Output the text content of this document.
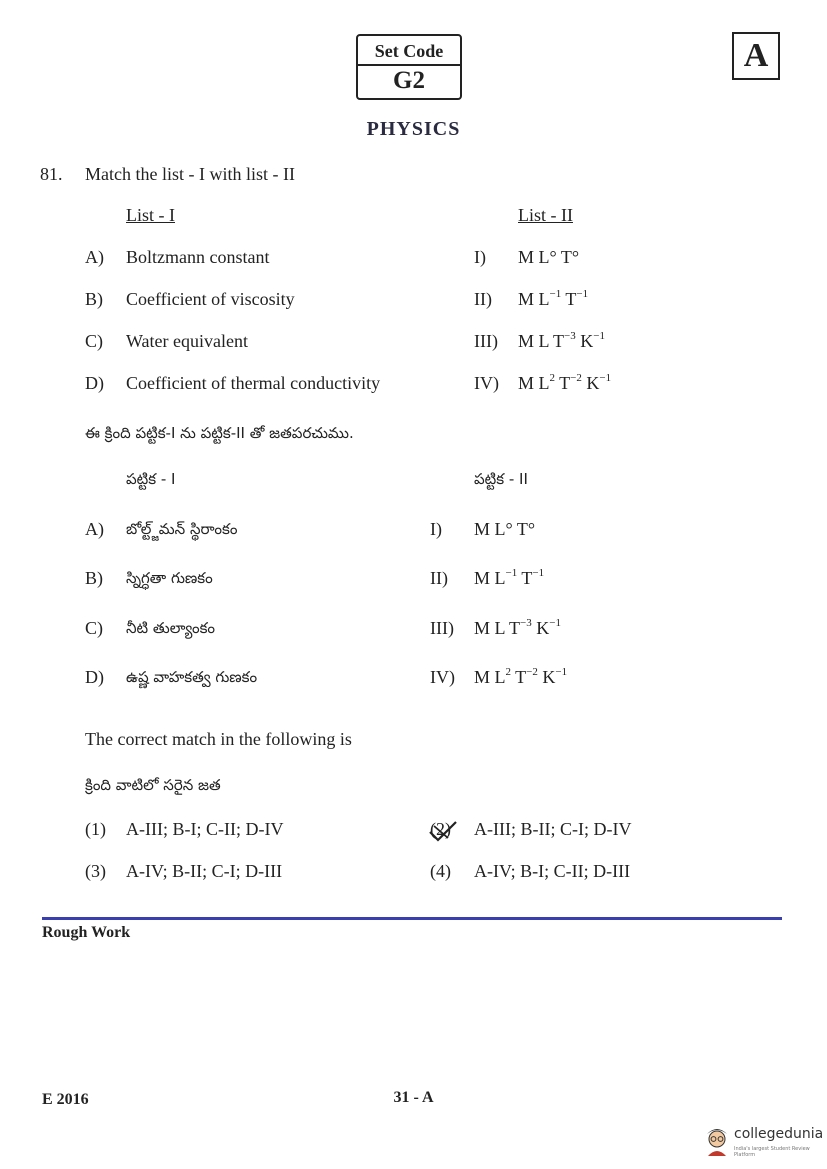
Set Code
G2
A
PHYSICS
81. Match the list - I with list - II
List - I	List - II
A) Boltzmann constant	I) M L° T°
B) Coefficient of viscosity	II) M $L^{-1}$ $T^{-1}$
C) Water equivalent	III) M L $T^{-3}$ $K^{-1}$
D) Coefficient of thermal conductivity	IV) M $L^2$ $T^{-2}$ $K^{-1}$
ఈ క్రింది పట్టిక-I ను పట్టిక-II తో జతపరచుము.
పట్టిక - I	పట్టిక - II
A) బోల్ట్జ్‌మన్ స్థిరాంకం	I) M L° T°
B) స్నిగ్ధతా గుణకం	II) M $L^{-1}$ $T^{-1}$
C) నీటి తుల్యాంకం	III) M L $T^{-3}$ $K^{-1}$
D) ఉష్ణ వాహకత్వ గుణకం	IV) M $L^2$ $T^{-2}$ $K^{-1}$
The correct match in the following is
క్రింది వాటిలో సరైన జత
(1) A-III; B-I; C-II; D-IV	(2) A-III; B-II; C-I; D-IV
(3) A-IV; B-II; C-I; D-III	(4) A-IV; B-I; C-II; D-III
Rough Work
E 2016	31 - A
collegedunia
India's largest Student Review Platform
